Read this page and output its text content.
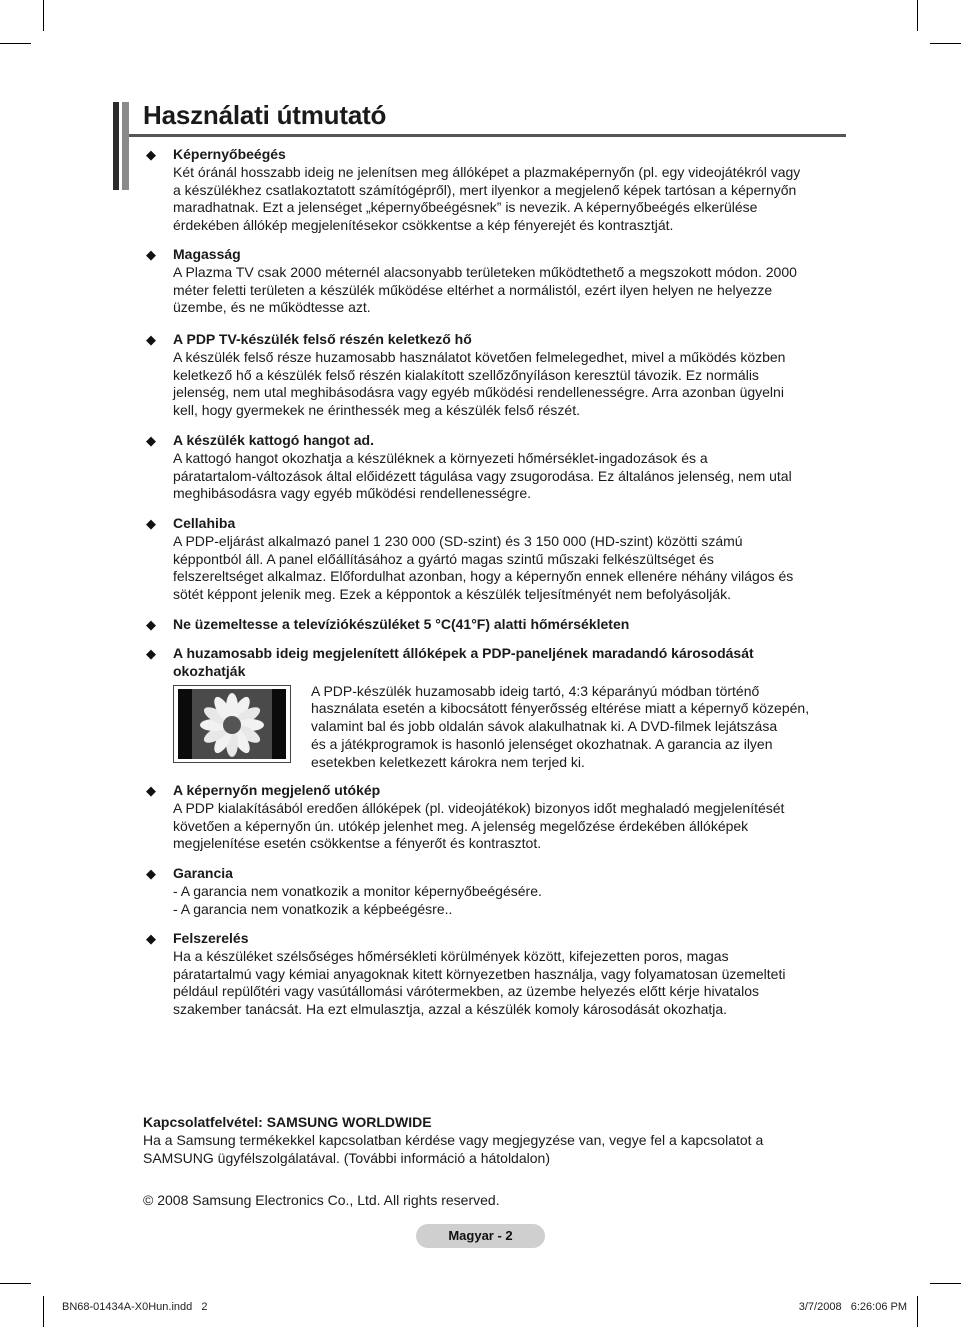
Használati útmutató
◆ Képernyőbeégés
Két óránál hosszabb ideig ne jelenítsen meg állóképet a plazmaképernyőn (pl. egy videojátékról vagy
a készülékhez csatlakoztatott számítógépről), mert ilyenkor a megjelenő képek tartósan a képernyőn
maradhatnak. Ezt a jelenséget „képernyőbeégésnek” is nevezik. A képernyőbeégés elkerülése
érdekében állókép megjelenítésekor csökkentse a kép fényerejét és kontrasztját.
◆ Magasság
A Plazma TV csak 2000 méternél alacsonyabb területeken működtethető a megszokott módon. 2000
méter feletti területen a készülék működése eltérhet a normálistól, ezért ilyen helyen ne helyezze
üzembe, és ne működtesse azt.
◆ A PDP TV-készülék felső részén keletkező hő
A készülék felső része huzamosabb használatot követően felmelegedhet, mivel a működés közben
keletkező hő a készülék felső részén kialakított szellőzőnyíláson keresztül távozik. Ez normális
jelenség, nem utal meghibásodásra vagy egyéb működési rendellenességre. Arra azonban ügyelni
kell, hogy gyermekek ne érinthessék meg a készülék felső részét.
◆ A készülék kattogó hangot ad.
A kattogó hangot okozhatja a készüléknek a környezeti hőmérséklet-ingadozások és a
páratartalom-változások által előidézett tágulása vagy zsugorodása. Ez általános jelenség, nem utal
meghibásodásra vagy egyéb működési rendellenességre.
◆ Cellahiba
A PDP-eljárást alkalmazó panel 1 230 000 (SD-szint) és 3 150 000 (HD-szint) közötti számú
képpontból áll. A panel előállításához a gyártó magas szintű műszaki felkészültséget és
felszereltséget alkalmaz. Előfordulhat azonban, hogy a képernyőn ennek ellenére néhány világos és
sötét képpont jelenik meg. Ezek a képpontok a készülék teljesítményét nem befolyásolják.
◆ Ne üzemeltesse a televíziókészüléket 5 °C(41°F) alatti hőmérsékleten
◆ A huzamosabb ideig megjelenített állóképek a PDP-paneljének maradandó károsodását
okozhatják
A PDP-készülék huzamosabb ideig tartó, 4:3 képarányú módban történő
használata esetén a kibocsátott fényerősség eltérése miatt a képernyő közepén,
valamint bal és jobb oldalán sávok alakulhatnak ki. A DVD-filmek lejátszása
és a játékprogramok is hasonló jelenséget okozhatnak. A garancia az ilyen
esetekben keletkezett károkra nem terjed ki.
◆ A képernyőn megjelenő utókép
A PDP kialakításából eredően állóképek (pl. videojátékok) bizonyos időt meghaladó megjelenítését
követően a képernyőn ún. utókép jelenhet meg. A jelenség megelőzése érdekében állóképek
megjelenítése esetén csökkentse a fényerőt és kontrasztot.
◆ Garancia
- A garancia nem vonatkozik a monitor képernyőbeégésére.
- A garancia nem vonatkozik a képbeégésre..
◆ Felszerelés
Ha a készüléket szélsőséges hőmérsékleti körülmények között, kifejezetten poros, magas
páratartalmú vagy kémiai anyagoknak kitett környezetben használja, vagy folyamatosan üzemelteti
például repülőtéri vagy vasútállomási várótermekben, az üzembe helyezés előtt kérje hivatalos
szakember tanácsát. Ha ezt elmulasztja, azzal a készülék komoly károsodását okozhatja.
Kapcsolatfelvétel: SAMSUNG WORLDWIDE
Ha a Samsung termékekkel kapcsolatban kérdése vagy megjegyzése van, vegye fel a kapcsolatot a
SAMSUNG ügyfélszolgálatával. (További információ a hátoldalon)
© 2008 Samsung Electronics Co., Ltd. All rights reserved.
Magyar - 2
BN68-01434A-X0Hun.indd   2	3/7/2008   6:26:06 PM
